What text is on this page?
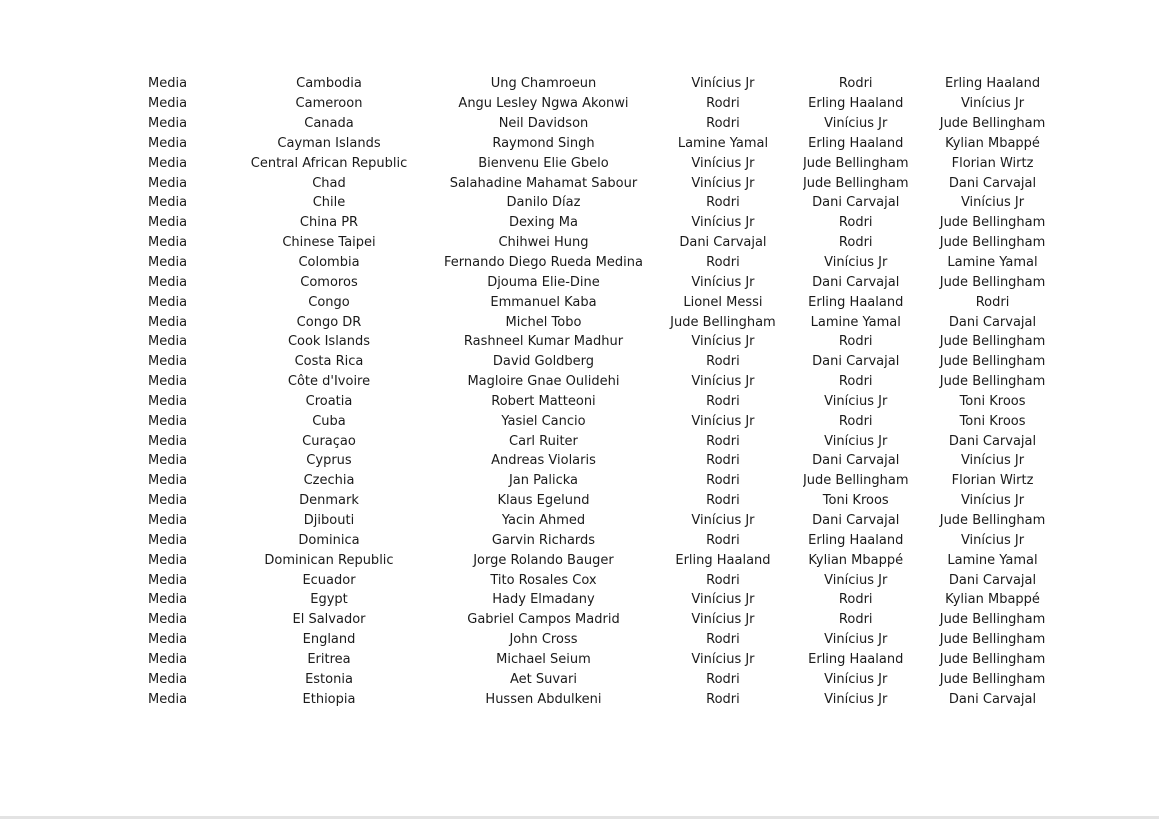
Media	Cambodia	Ung Chamroeun	Vinícius Jr	Rodri	Erling Haaland
Media	Cameroon	Angu Lesley Ngwa Akonwi	Rodri	Erling Haaland	Vinícius Jr
Media	Canada	Neil Davidson	Rodri	Vinícius Jr	Jude Bellingham
Media	Cayman Islands	Raymond Singh	Lamine Yamal	Erling Haaland	Kylian Mbappé
Media	Central African Republic	Bienvenu Elie Gbelo	Vinícius Jr	Jude Bellingham	Florian Wirtz
Media	Chad	Salahadine Mahamat Sabour	Vinícius Jr	Jude Bellingham	Dani Carvajal
Media	Chile	Danilo Díaz	Rodri	Dani Carvajal	Vinícius Jr
Media	China PR	Dexing Ma	Vinícius Jr	Rodri	Jude Bellingham
Media	Chinese Taipei	Chihwei Hung	Dani Carvajal	Rodri	Jude Bellingham
Media	Colombia	Fernando Diego Rueda Medina	Rodri	Vinícius Jr	Lamine Yamal
Media	Comoros	Djouma Elie-Dine	Vinícius Jr	Dani Carvajal	Jude Bellingham
Media	Congo	Emmanuel Kaba	Lionel Messi	Erling Haaland	Rodri
Media	Congo DR	Michel Tobo	Jude Bellingham	Lamine Yamal	Dani Carvajal
Media	Cook Islands	Rashneel Kumar Madhur	Vinícius Jr	Rodri	Jude Bellingham
Media	Costa Rica	David Goldberg	Rodri	Dani Carvajal	Jude Bellingham
Media	Côte d'Ivoire	Magloire Gnae Oulidehi	Vinícius Jr	Rodri	Jude Bellingham
Media	Croatia	Robert Matteoni	Rodri	Vinícius Jr	Toni Kroos
Media	Cuba	Yasiel Cancio	Vinícius Jr	Rodri	Toni Kroos
Media	Curaçao	Carl Ruiter	Rodri	Vinícius Jr	Dani Carvajal
Media	Cyprus	Andreas Violaris	Rodri	Dani Carvajal	Vinícius Jr
Media	Czechia	Jan Palicka	Rodri	Jude Bellingham	Florian Wirtz
Media	Denmark	Klaus Egelund	Rodri	Toni Kroos	Vinícius Jr
Media	Djibouti	Yacin Ahmed	Vinícius Jr	Dani Carvajal	Jude Bellingham
Media	Dominica	Garvin Richards	Rodri	Erling Haaland	Vinícius Jr
Media	Dominican Republic	Jorge Rolando Bauger	Erling Haaland	Kylian Mbappé	Lamine Yamal
Media	Ecuador	Tito Rosales Cox	Rodri	Vinícius Jr	Dani Carvajal
Media	Egypt	Hady Elmadany	Vinícius Jr	Rodri	Kylian Mbappé
Media	El Salvador	Gabriel Campos Madrid	Vinícius Jr	Rodri	Jude Bellingham
Media	England	John Cross	Rodri	Vinícius Jr	Jude Bellingham
Media	Eritrea	Michael Seium	Vinícius Jr	Erling Haaland	Jude Bellingham
Media	Estonia	Aet Suvari	Rodri	Vinícius Jr	Jude Bellingham
Media	Ethiopia	Hussen Abdulkeni	Rodri	Vinícius Jr	Dani Carvajal
